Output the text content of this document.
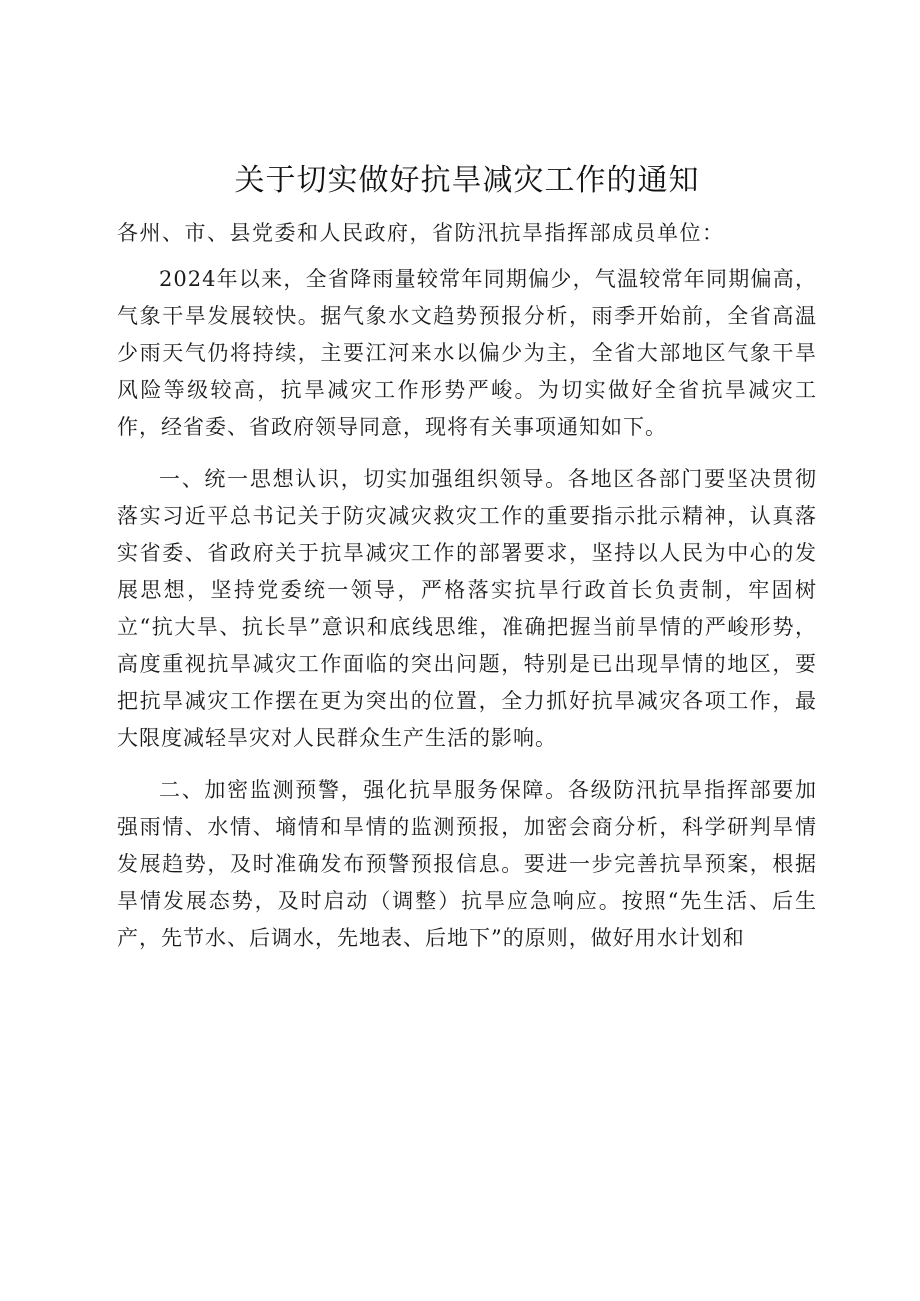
关于切实做好抗旱减灾工作的通知
各州、市、县党委和人民政府，省防汛抗旱指挥部成员单位：

2024年以来，全省降雨量较常年同期偏少，气温较常年同期偏高，气象干旱发展较快。据气象水文趋势预报分析，雨季开始前，全省高温少雨天气仍将持续，主要江河来水以偏少为主，全省大部地区气象干旱风险等级较高，抗旱减灾工作形势严峻。为切实做好全省抗旱减灾工作，经省委、省政府领导同意，现将有关事项通知如下。

一、统一思想认识，切实加强组织领导。各地区各部门要坚决贯彻落实习近平总书记关于防灾减灾救灾工作的重要指示批示精神，认真落实省委、省政府关于抗旱减灾工作的部署要求，坚持以人民为中心的发展思想，坚持党委统一领导，严格落实抗旱行政首长负责制，牢固树立“抗大旱、抗长旱”意识和底线思维，准确把握当前旱情的严峻形势，高度重视抗旱减灾工作面临的突出问题，特别是已出现旱情的地区，要把抗旱减灾工作摆在更为突出的位置，全力抓好抗旱减灾各项工作，最大限度减轻旱灾对人民群众生产生活的影响。

二、加密监测预警，强化抗旱服务保障。各级防汛抗旱指挥部要加强雨情、水情、墒情和旱情的监测预报，加密会商分析，科学研判旱情发展趋势，及时准确发布预警预报信息。要进一步完善抗旱预案，根据旱情发展态势，及时启动（调整）抗旱应急响应。按照“先生活、后生产，先节水、后调水，先地表、后地下”的原则，做好用水计划和
